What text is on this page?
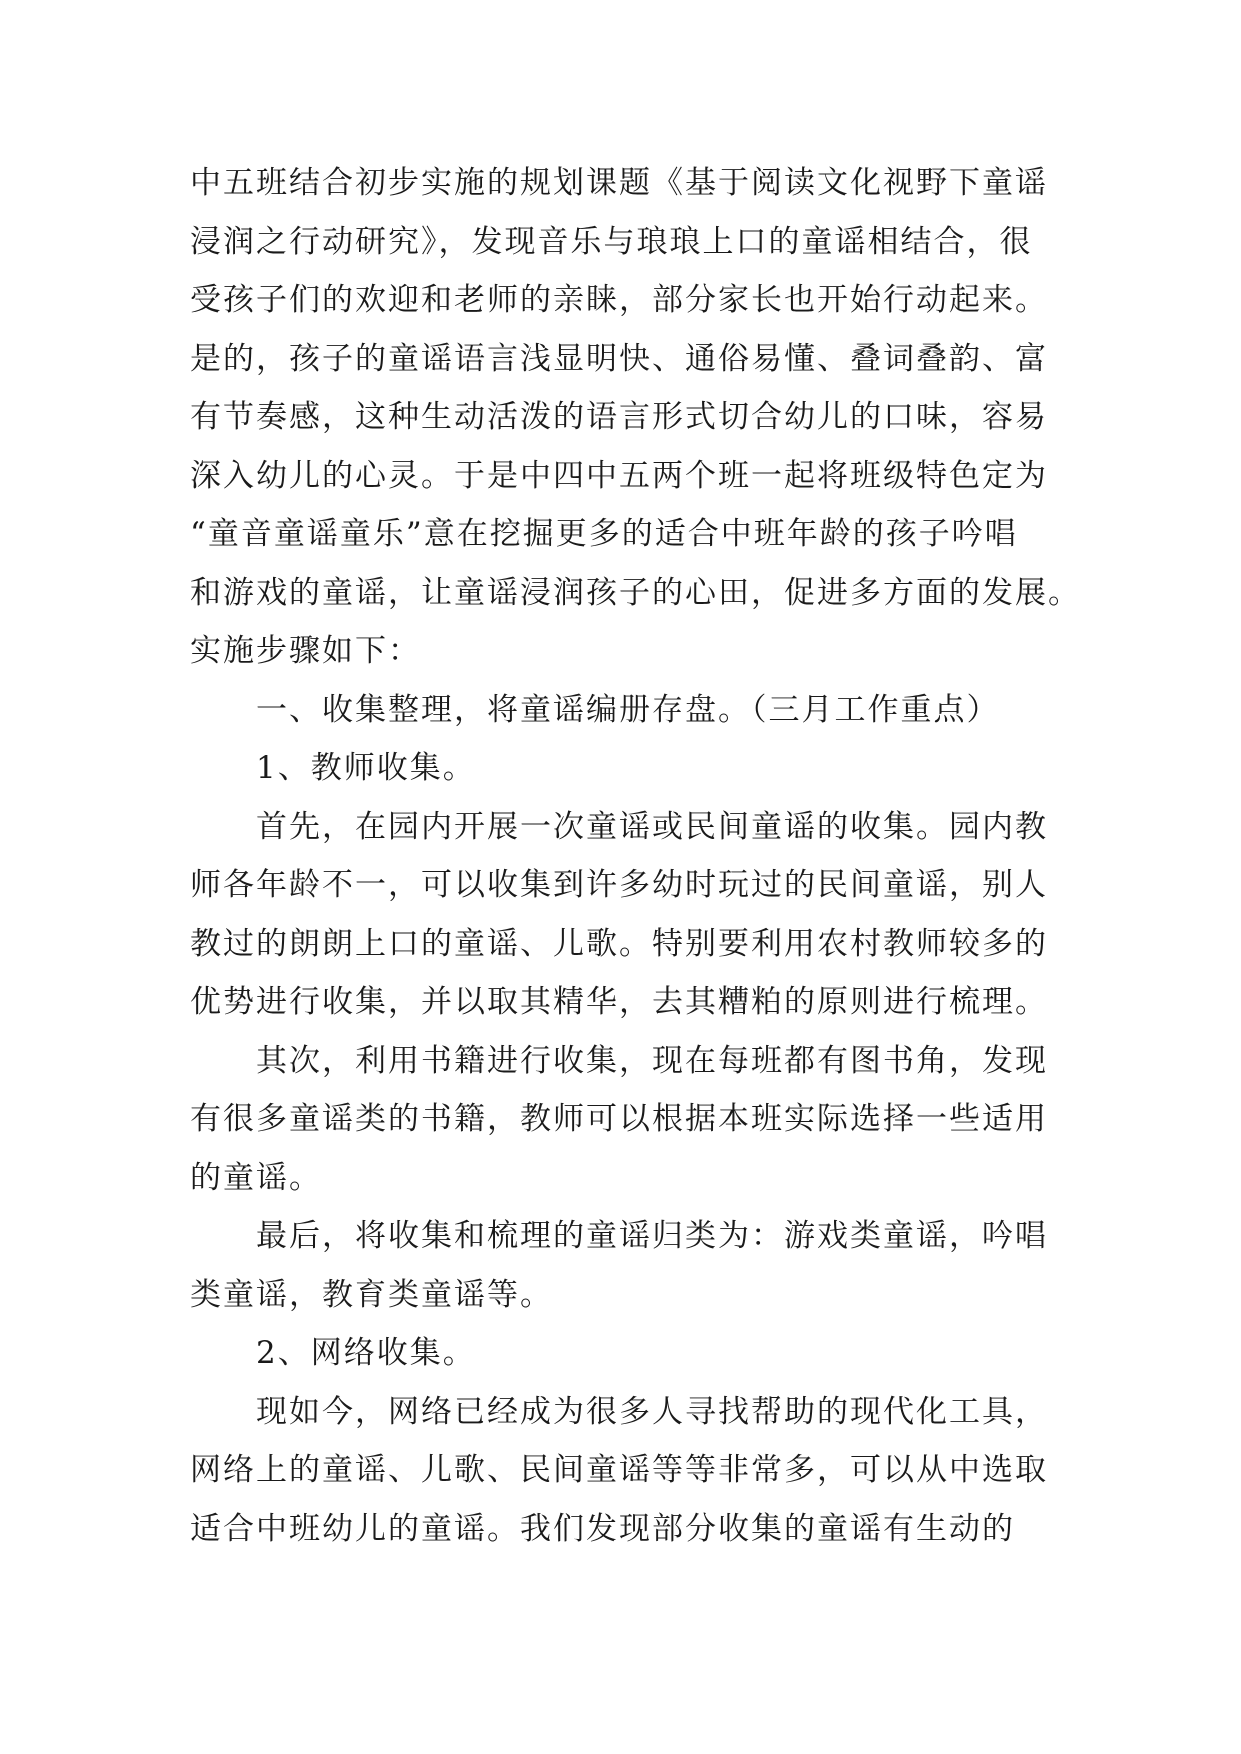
中五班结合初步实施的规划课题《基于阅读文化视野下童谣
浸润之行动研究》，发现音乐与琅琅上口的童谣相结合，很
受孩子们的欢迎和老师的亲睐，部分家长也开始行动起来。
是的，孩子的童谣语言浅显明快、通俗易懂、叠词叠韵、富
有节奏感，这种生动活泼的语言形式切合幼儿的口味，容易
深入幼儿的心灵。于是中四中五两个班一起将班级特色定为
“童音童谣童乐”意在挖掘更多的适合中班年龄的孩子吟唱
和游戏的童谣，让童谣浸润孩子的心田，促进多方面的发展。
实施步骤如下：
　　一、收集整理，将童谣编册存盘。（三月工作重点）
　　1、教师收集。
　　首先，在园内开展一次童谣或民间童谣的收集。园内教
师各年龄不一，可以收集到许多幼时玩过的民间童谣，别人
教过的朗朗上口的童谣、儿歌。特别要利用农村教师较多的
优势进行收集，并以取其精华，去其糟粕的原则进行梳理。
　　其次，利用书籍进行收集，现在每班都有图书角，发现
有很多童谣类的书籍，教师可以根据本班实际选择一些适用
的童谣。
　　最后，将收集和梳理的童谣归类为：游戏类童谣，吟唱
类童谣，教育类童谣等。
　　2、网络收集。
　　现如今，网络已经成为很多人寻找帮助的现代化工具，
网络上的童谣、儿歌、民间童谣等等非常多，可以从中选取
适合中班幼儿的童谣。我们发现部分收集的童谣有生动的
